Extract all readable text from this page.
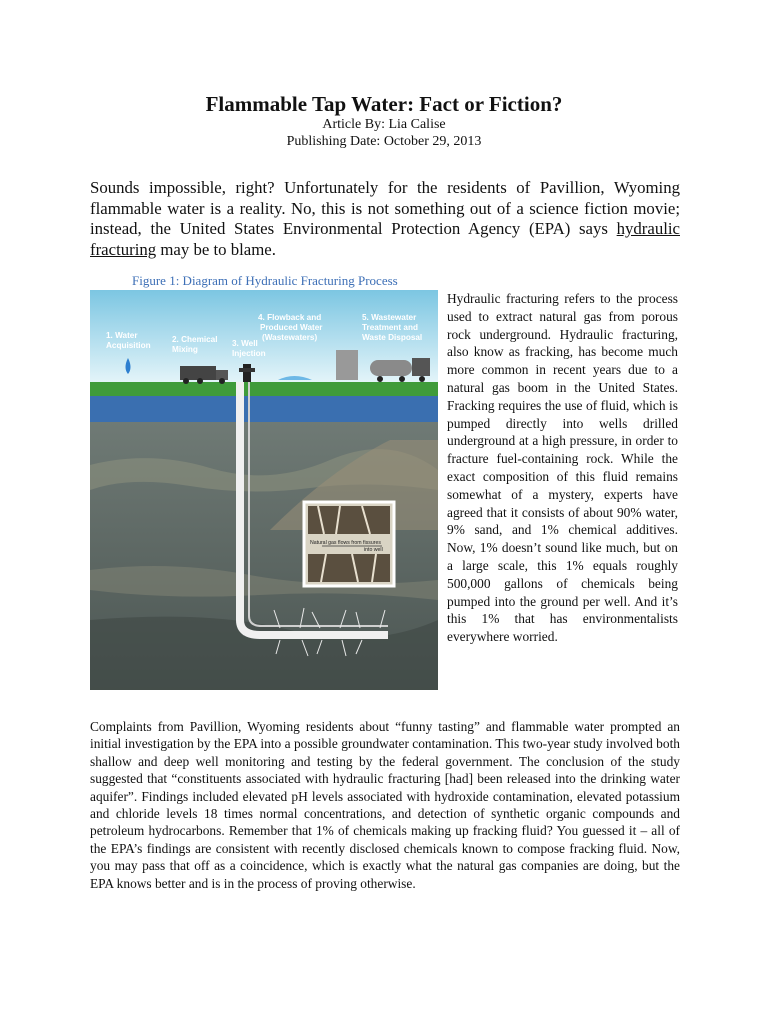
Flammable Tap Water: Fact or Fiction?
Article By: Lia Calise
Publishing Date: October 29, 2013

Sounds impossible, right? Unfortunately for the residents of Pavillion, Wyoming flammable water is a reality. No, this is not something out of a science fiction movie; instead, the United States Environmental Protection Agency (EPA) says hydraulic fracturing may be to blame.

Figure 1: Diagram of Hydraulic Fracturing Process
1. Water Acquisition
2. Chemical Mixing
3. Well Injection
4. Flowback and Produced Water (Wastewaters)
5. Wastewater Treatment and Waste Disposal
Natural gas flows from fissures
into well

Hydraulic fracturing refers to the process used to extract natural gas from porous rock underground. Hydraulic fracturing, also know as fracking, has become much more common in recent years due to a natural gas boom in the United States. Fracking requires the use of fluid, which is pumped directly into wells drilled underground at a high pressure, in order to fracture fuel-containing rock. While the exact composition of this fluid remains somewhat of a mystery, experts have agreed that it consists of about 90% water, 9% sand, and 1% chemical additives. Now, 1% doesn’t sound like much, but on a large scale, this 1% equals roughly 500,000 gallons of chemicals being pumped into the ground per well. And it’s this 1% that has environmentalists everywhere worried.

Complaints from Pavillion, Wyoming residents about “funny tasting” and flammable water prompted an initial investigation by the EPA into a possible groundwater contamination. This two-year study involved both shallow and deep well monitoring and testing by the federal government. The conclusion of the study suggested that “constituents associated with hydraulic fracturing [had] been released into the drinking water aquifer”. Findings included elevated pH levels associated with hydroxide contamination, elevated potassium and chloride levels 18 times normal concentrations, and detection of synthetic organic compounds and petroleum hydrocarbons. Remember that 1% of chemicals making up fracking fluid? You guessed it – all of the EPA’s findings are consistent with recently disclosed chemicals known to compose fracking fluid. Now, you may pass that off as a coincidence, which is exactly what the natural gas companies are doing, but the EPA knows better and is in the process of proving otherwise.
